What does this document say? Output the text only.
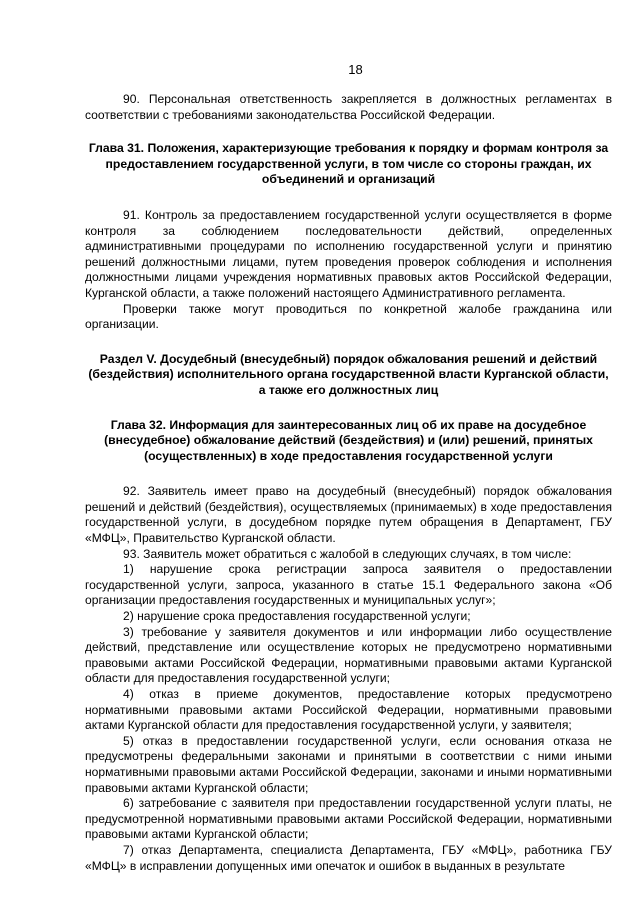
18

90. Персональная ответственность закрепляется в должностных регламентах в соответствии с требованиями законодательства Российской Федерации.

Глава 31. Положения, характеризующие требования к порядку и формам контроля за предоставлением государственной услуги, в том числе со стороны граждан, их объединений и организаций

91. Контроль за предоставлением государственной услуги осуществляется в форме контроля за соблюдением последовательности действий, определенных административными процедурами по исполнению государственной услуги и принятию решений должностными лицами, путем проведения проверок соблюдения и исполнения должностными лицами учреждения нормативных правовых актов Российской Федерации, Курганской области, а также положений настоящего Административного регламента.

Проверки также могут проводиться по конкретной жалобе гражданина или организации.

Раздел V. Досудебный (внесудебный) порядок обжалования решений и действий (бездействия) исполнительного органа государственной власти Курганской области, а также его должностных лиц
Глава 32. Информация для заинтересованных лиц об их праве на досудебное (внесудебное) обжалование действий (бездействия) и (или) решений, принятых (осуществленных) в ходе предоставления государственной услуги

92. Заявитель имеет право на досудебный (внесудебный) порядок обжалования решений и действий (бездействия), осуществляемых (принимаемых) в ходе предоставления государственной услуги, в досудебном порядке путем обращения в Департамент, ГБУ «МФЦ», Правительство Курганской области.

93. Заявитель может обратиться с жалобой в следующих случаях, в том числе:

1) нарушение срока регистрации запроса заявителя о предоставлении государственной услуги, запроса, указанного в статье 15.1 Федерального закона «Об организации предоставления государственных и муниципальных услуг»;

2) нарушение срока предоставления государственной услуги;

3) требование у заявителя документов и или информации либо осуществление действий, представление или осуществление которых не предусмотрено нормативными правовыми актами Российской Федерации, нормативными правовыми актами Курганской области для предоставления государственной услуги;

4) отказ в приеме документов, предоставление которых предусмотрено нормативными правовыми актами Российской Федерации, нормативными правовыми актами Курганской области для предоставления государственной услуги, у заявителя;

5) отказ в предоставлении государственной услуги, если основания отказа не предусмотрены федеральными законами и принятыми в соответствии с ними иными нормативными правовыми актами Российской Федерации, законами и иными нормативными правовыми актами Курганской области;

6) затребование с заявителя при предоставлении государственной услуги платы, не предусмотренной нормативными правовыми актами Российской Федерации, нормативными правовыми актами Курганской области;

7) отказ Департамента, специалиста Департамента, ГБУ «МФЦ», работника ГБУ «МФЦ» в исправлении допущенных ими опечаток и ошибок в выданных в результате
